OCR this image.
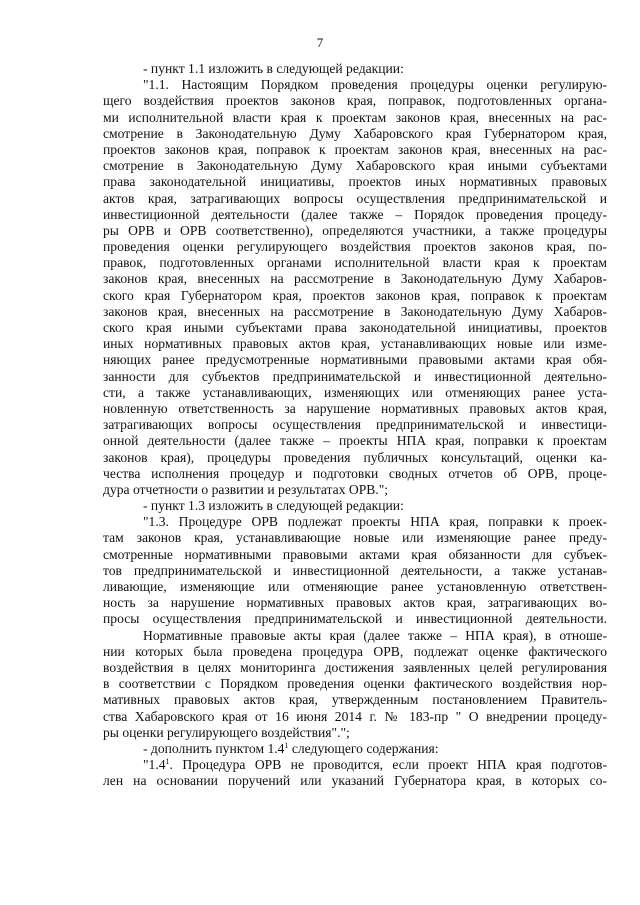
7
- пункт 1.1 изложить в следующей редакции:
"1.1. Настоящим Порядком проведения процедуры оценки регулирую-
щего воздействия проектов законов края, поправок, подготовленных органа-
ми исполнительной власти края к проектам законов края, внесенных на рас-
смотрение в Законодательную Думу Хабаровского края Губернатором края,
проектов законов края, поправок к проектам законов края, внесенных на рас-
смотрение в Законодательную Думу Хабаровского края иными субъектами
права законодательной инициативы, проектов иных нормативных правовых
актов края, затрагивающих вопросы осуществления предпринимательской и
инвестиционной деятельности (далее также – Порядок проведения процеду-
ры ОРВ и ОРВ соответственно), определяются участники, а также процедуры
проведения оценки регулирующего воздействия проектов законов края, по-
правок, подготовленных органами исполнительной власти края к проектам
законов края, внесенных на рассмотрение в Законодательную Думу Хабаров-
ского края Губернатором края, проектов законов края, поправок к проектам
законов края, внесенных на рассмотрение в Законодательную Думу Хабаров-
ского края иными субъектами права законодательной инициативы, проектов
иных нормативных правовых актов края, устанавливающих новые или изме-
няющих ранее предусмотренные нормативными правовыми актами края обя-
занности для субъектов предпринимательской и инвестиционной деятельно-
сти, а также устанавливающих, изменяющих или отменяющих ранее уста-
новленную ответственность за нарушение нормативных правовых актов края,
затрагивающих вопросы осуществления предпринимательской и инвестици-
онной деятельности (далее также – проекты НПА края, поправки к проектам
законов края), процедуры проведения публичных консультаций, оценки ка-
чества исполнения процедур и подготовки сводных отчетов об ОРВ, проце-
дура отчетности о развитии и результатах ОРВ.";
- пункт 1.3 изложить в следующей редакции:
"1.3. Процедуре ОРВ подлежат проекты НПА края, поправки к проек-
там законов края, устанавливающие новые или изменяющие ранее преду-
смотренные нормативными правовыми актами края обязанности для субъек-
тов предпринимательской и инвестиционной деятельности, а также устанав-
ливающие, изменяющие или отменяющие ранее установленную ответствен-
ность за нарушение нормативных правовых актов края, затрагивающих во-
просы осуществления предпринимательской и инвестиционной деятельности.
Нормативные правовые акты края (далее также – НПА края), в отноше-
нии которых была проведена процедура ОРВ, подлежат оценке фактического
воздействия в целях мониторинга достижения заявленных целей регулирования
в соответствии с Порядком проведения оценки фактического воздействия нор-
мативных правовых актов края, утвержденным постановлением Правитель-
ства Хабаровского края от 16 июня 2014 г. № 183-пр " О внедрении процеду-
ры оценки регулирующего воздействия".";
- дополнить пунктом $1.4^1$ следующего содержания:
"$1.4^1$. Процедура ОРВ не проводится, если проект НПА края подготов-
лен на основании поручений или указаний Губернатора края, в которых со-
